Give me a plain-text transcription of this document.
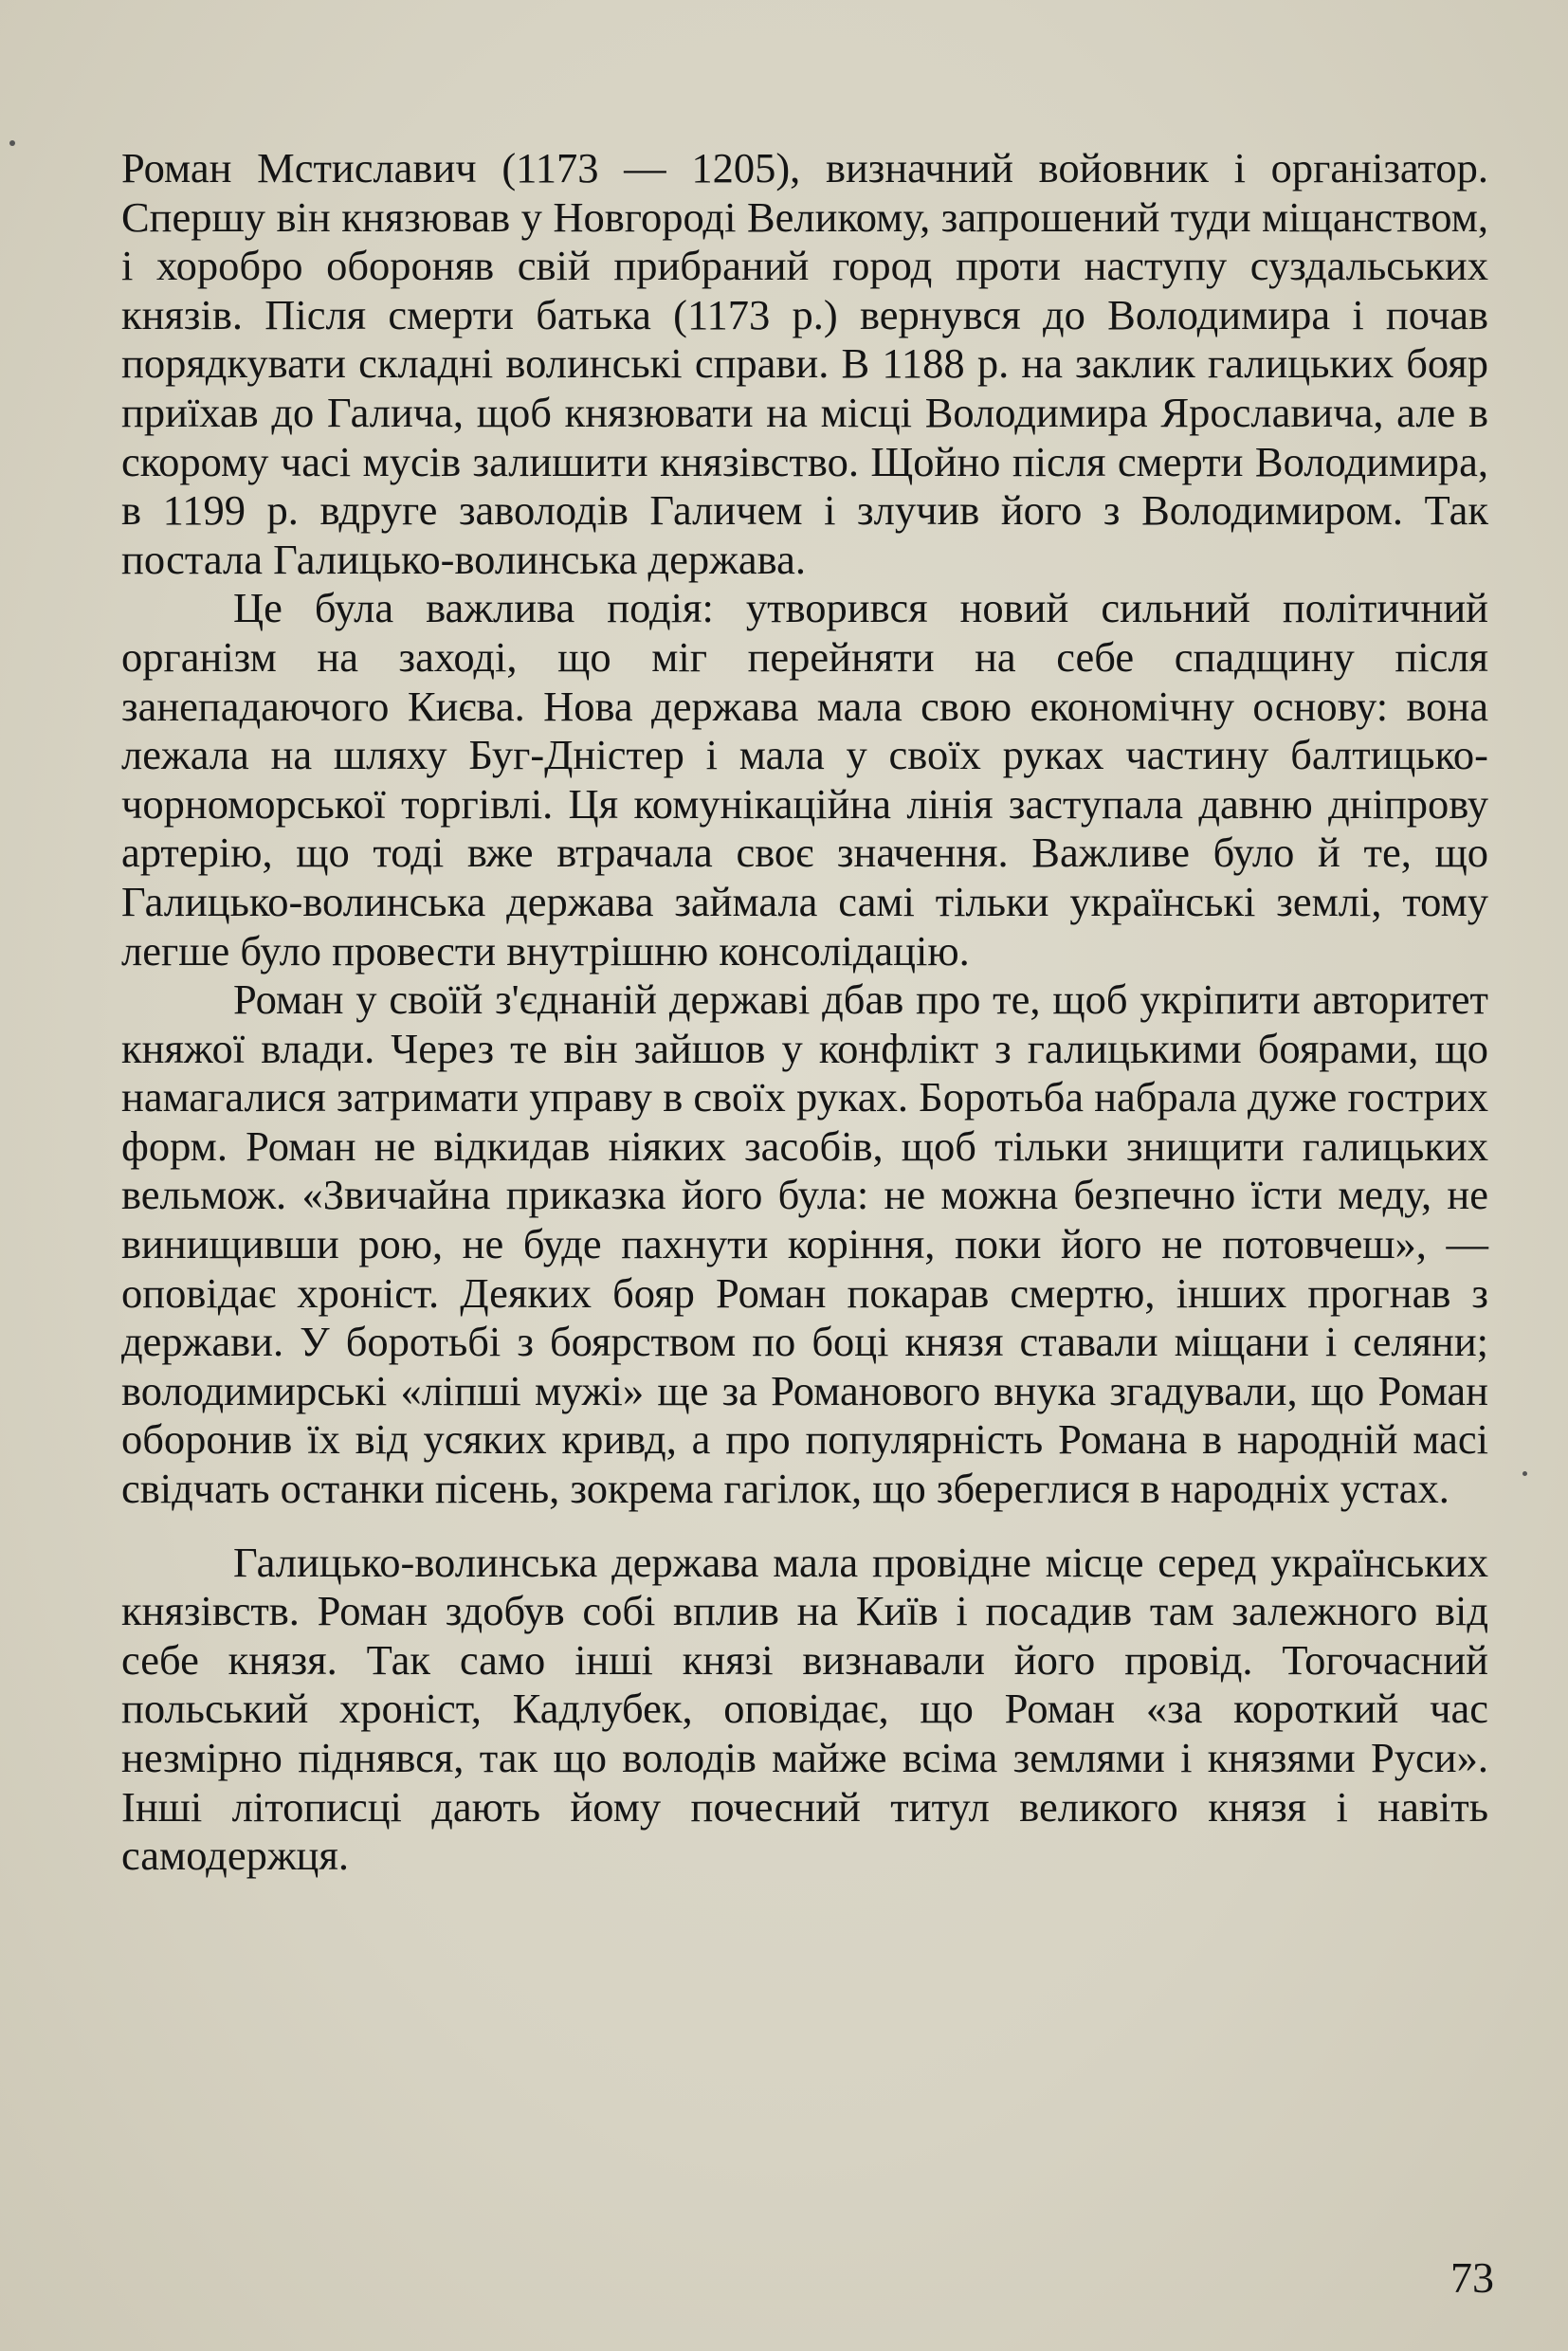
Роман Мстиславич (1173 — 1205), визначний войовник і організатор. Спершу він князював у Новгороді Великому, запрошений туди міщанством, і хоробро обороняв свій прибраний город проти наступу суздальських князів. Після смерти батька (1173 р.) вернувся до Володимира і почав порядкувати складні волинські справи. В 1188 р. на заклик галицьких бояр приїхав до Галича, щоб князювати на місці Володимира Ярославича, але в скорому часі мусів залишити князівство. Щойно після смерти Володимира, в 1199 р. вдруге заволодів Галичем і злучив його з Володимиром. Так постала Галицько-волинська держава.

Це була важлива подія: утворився новий сильний політичний організм на заході, що міг перейняти на себе спадщину після занепадаючого Києва. Нова держава мала свою економічну основу: вона лежала на шляху Буг-Дністер і мала у своїх руках частину балтицько-чорноморської торгівлі. Ця комунікаційна лінія заступала давню дніпрову артерію, що тоді вже втрачала своє значення. Важливе було й те, що Галицько-волинська держава займала самі тільки українські землі, тому легше було провести внутрішню консолідацію.

Роман у своїй з'єднаній державі дбав про те, щоб укріпити авторитет княжої влади. Через те він зайшов у конфлікт з галицькими боярами, що намагалися затримати управу в своїх руках. Боротьба набрала дуже гострих форм. Роман не відкидав ніяких засобів, щоб тільки знищити галицьких вельмож. «Звичайна приказка його була: не можна безпечно їсти меду, не винищивши рою, не буде пахнути коріння, поки його не потовчеш», — оповідає хроніст. Деяких бояр Роман покарав смертю, інших прогнав з держави. У боротьбі з боярством по боці князя ставали міщани і селяни; володимирські «ліпші мужі» ще за Романового внука згадували, що Роман оборонив їх від усяких кривд, а про популярність Романа в народній масі свідчать останки пісень, зокрема гагілок, що збереглися в народніх устах.

Галицько-волинська держава мала провідне місце серед українських князівств. Роман здобув собі вплив на Київ і посадив там залежного від себе князя. Так само інші князі визнавали його провід. Тогочасний польський хроніст, Кадлубек, оповідає, що Роман «за короткий час незмірно піднявся, так що володів майже всіма землями і князями Руси». Інші літописці дають йому почесний титул великого князя і навіть самодержця.

73
